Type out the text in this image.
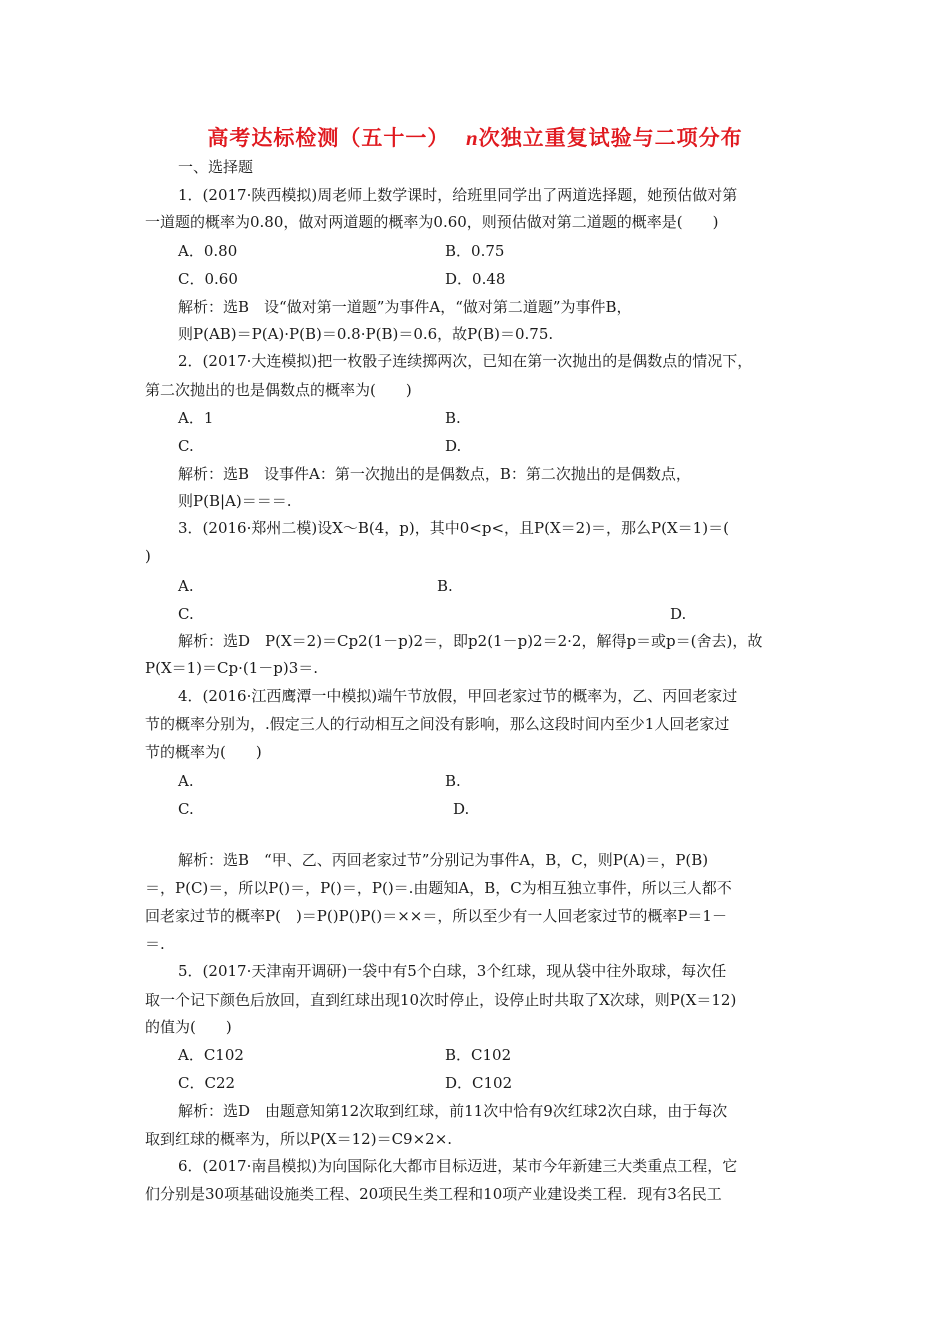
高考达标检测（五十一） n次独立重复试验与二项分布
一、选择题
1．(2017·陕西模拟)周老师上数学课时，给班里同学出了两道选择题，她预估做对第
一道题的概率为0.80，做对两道题的概率为0.60，则预估做对第二道题的概率是(　　)
A．0.80	B．0.75
C．0.60	D．0.48
解析：选B　设“做对第一道题”为事件A，“做对第二道题”为事件B，
则P(AB)＝P(A)·P(B)＝0.8·P(B)＝0.6，故P(B)＝0.75.
2．(2017·大连模拟)把一枚骰子连续掷两次，已知在第一次抛出的是偶数点的情况下，
第二次抛出的也是偶数点的概率为(　　)
A．1	B.
C.	D.
解析：选B　设事件A：第一次抛出的是偶数点，B：第二次抛出的是偶数点，
则P(B|A)＝＝＝.
3．(2016·郑州二模)设X～B(4，p)，其中0<p<，且P(X＝2)＝，那么P(X＝1)＝(
)
A.	B.
C.	D.
解析：选D　P(X＝2)＝Cp2(1－p)2＝，即p2(1－p)2＝2·2，解得p＝或p＝(舍去)，故
P(X＝1)＝Cp·(1－p)3＝.
4．(2016·江西鹰潭一中模拟)端午节放假，甲回老家过节的概率为，乙、丙回老家过
节的概率分别为，.假定三人的行动相互之间没有影响，那么这段时间内至少1人回老家过
节的概率为(　　)
A.	B.
C.	D.
解析：选B　“甲、乙、丙回老家过节”分别记为事件A，B，C，则P(A)＝，P(B)
＝，P(C)＝，所以P()＝，P()＝，P()＝.由题知A，B，C为相互独立事件，所以三人都不
回老家过节的概率P(　)＝P()P()P()＝××＝，所以至少有一人回老家过节的概率P＝1－
＝.
5．(2017·天津南开调研)一袋中有5个白球，3个红球，现从袋中往外取球，每次任
取一个记下颜色后放回，直到红球出现10次时停止，设停止时共取了X次球，则P(X＝12)
的值为(　　)
A．C102	B．C102
C．C22	D．C102
解析：选D　由题意知第12次取到红球，前11次中恰有9次红球2次白球，由于每次
取到红球的概率为，所以P(X＝12)＝C9×2×.
6．(2017·南昌模拟)为向国际化大都市目标迈进，某市今年新建三大类重点工程，它
们分别是30项基础设施类工程、20项民生类工程和10项产业建设类工程．现有3名民工
